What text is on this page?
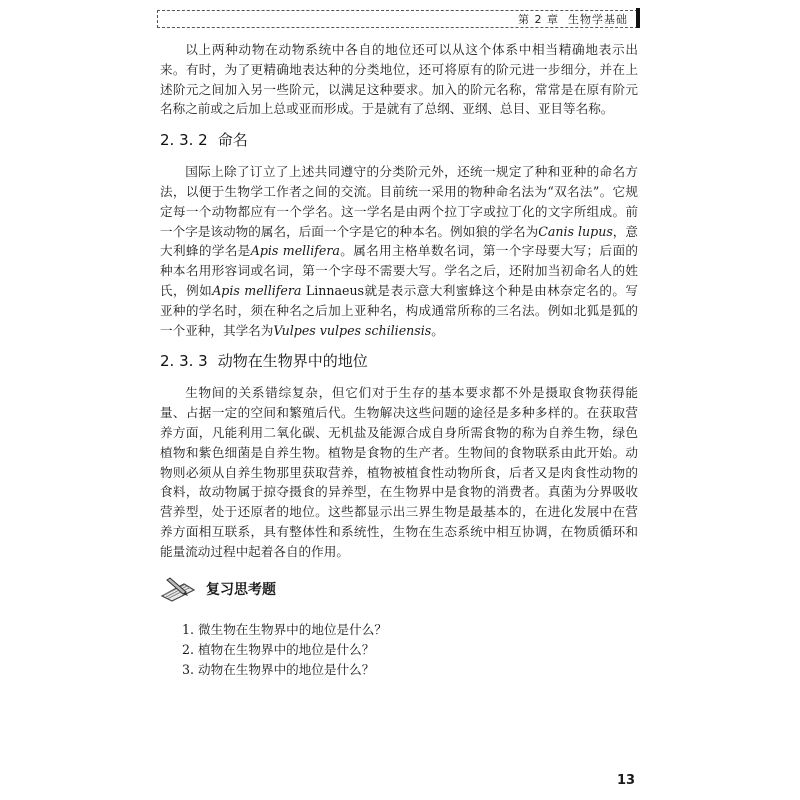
第 2 章 生物学基础

以上两种动物在动物系统中各自的地位还可以从这个体系中相当精确地表示出来。有时，为了更精确地表达种的分类地位，还可将原有的阶元进一步细分，并在上述阶元之间加入另一些阶元，以满足这种要求。加入的阶元名称，常常是在原有阶元名称之前或之后加上总或亚而形成。于是就有了总纲、亚纲、总目、亚目等名称。

2. 3. 2 命名

国际上除了订立了上述共同遵守的分类阶元外，还统一规定了种和亚种的命名方法，以便于生物学工作者之间的交流。目前统一采用的物种命名法为“双名法”。它规定每一个动物都应有一个学名。这一学名是由两个拉丁字或拉丁化的文字所组成。前一个字是该动物的属名，后面一个字是它的种本名。例如狼的学名为Canis lupus，意大利蜂的学名是Apis mellifera。属名用主格单数名词，第一个字母要大写；后面的种本名用形容词或名词，第一个字母不需要大写。学名之后，还附加当初命名人的姓氏，例如Apis mellifera Linnaeus就是表示意大利蜜蜂这个种是由林奈定名的。写亚种的学名时，须在种名之后加上亚种名，构成通常所称的三名法。例如北狐是狐的一个亚种，其学名为Vulpes vulpes schiliensis。

2. 3. 3 动物在生物界中的地位

生物间的关系错综复杂，但它们对于生存的基本要求都不外是摄取食物获得能量、占据一定的空间和繁殖后代。生物解决这些问题的途径是多种多样的。在获取营养方面，凡能利用二氧化碳、无机盐及能源合成自身所需食物的称为自养生物，绿色植物和紫色细菌是自养生物。植物是食物的生产者。生物间的食物联系由此开始。动物则必须从自养生物那里获取营养，植物被植食性动物所食，后者又是肉食性动物的食料，故动物属于掠夺摄食的异养型，在生物界中是食物的消费者。真菌为分界吸收营养型，处于还原者的地位。这些都显示出三界生物是最基本的，在进化发展中在营养方面相互联系，具有整体性和系统性，生物在生态系统中相互协调，在物质循环和能量流动过程中起着各自的作用。

复习思考题
1. 微生物在生物界中的地位是什么？
2. 植物在生物界中的地位是什么？
3. 动物在生物界中的地位是什么？
13
